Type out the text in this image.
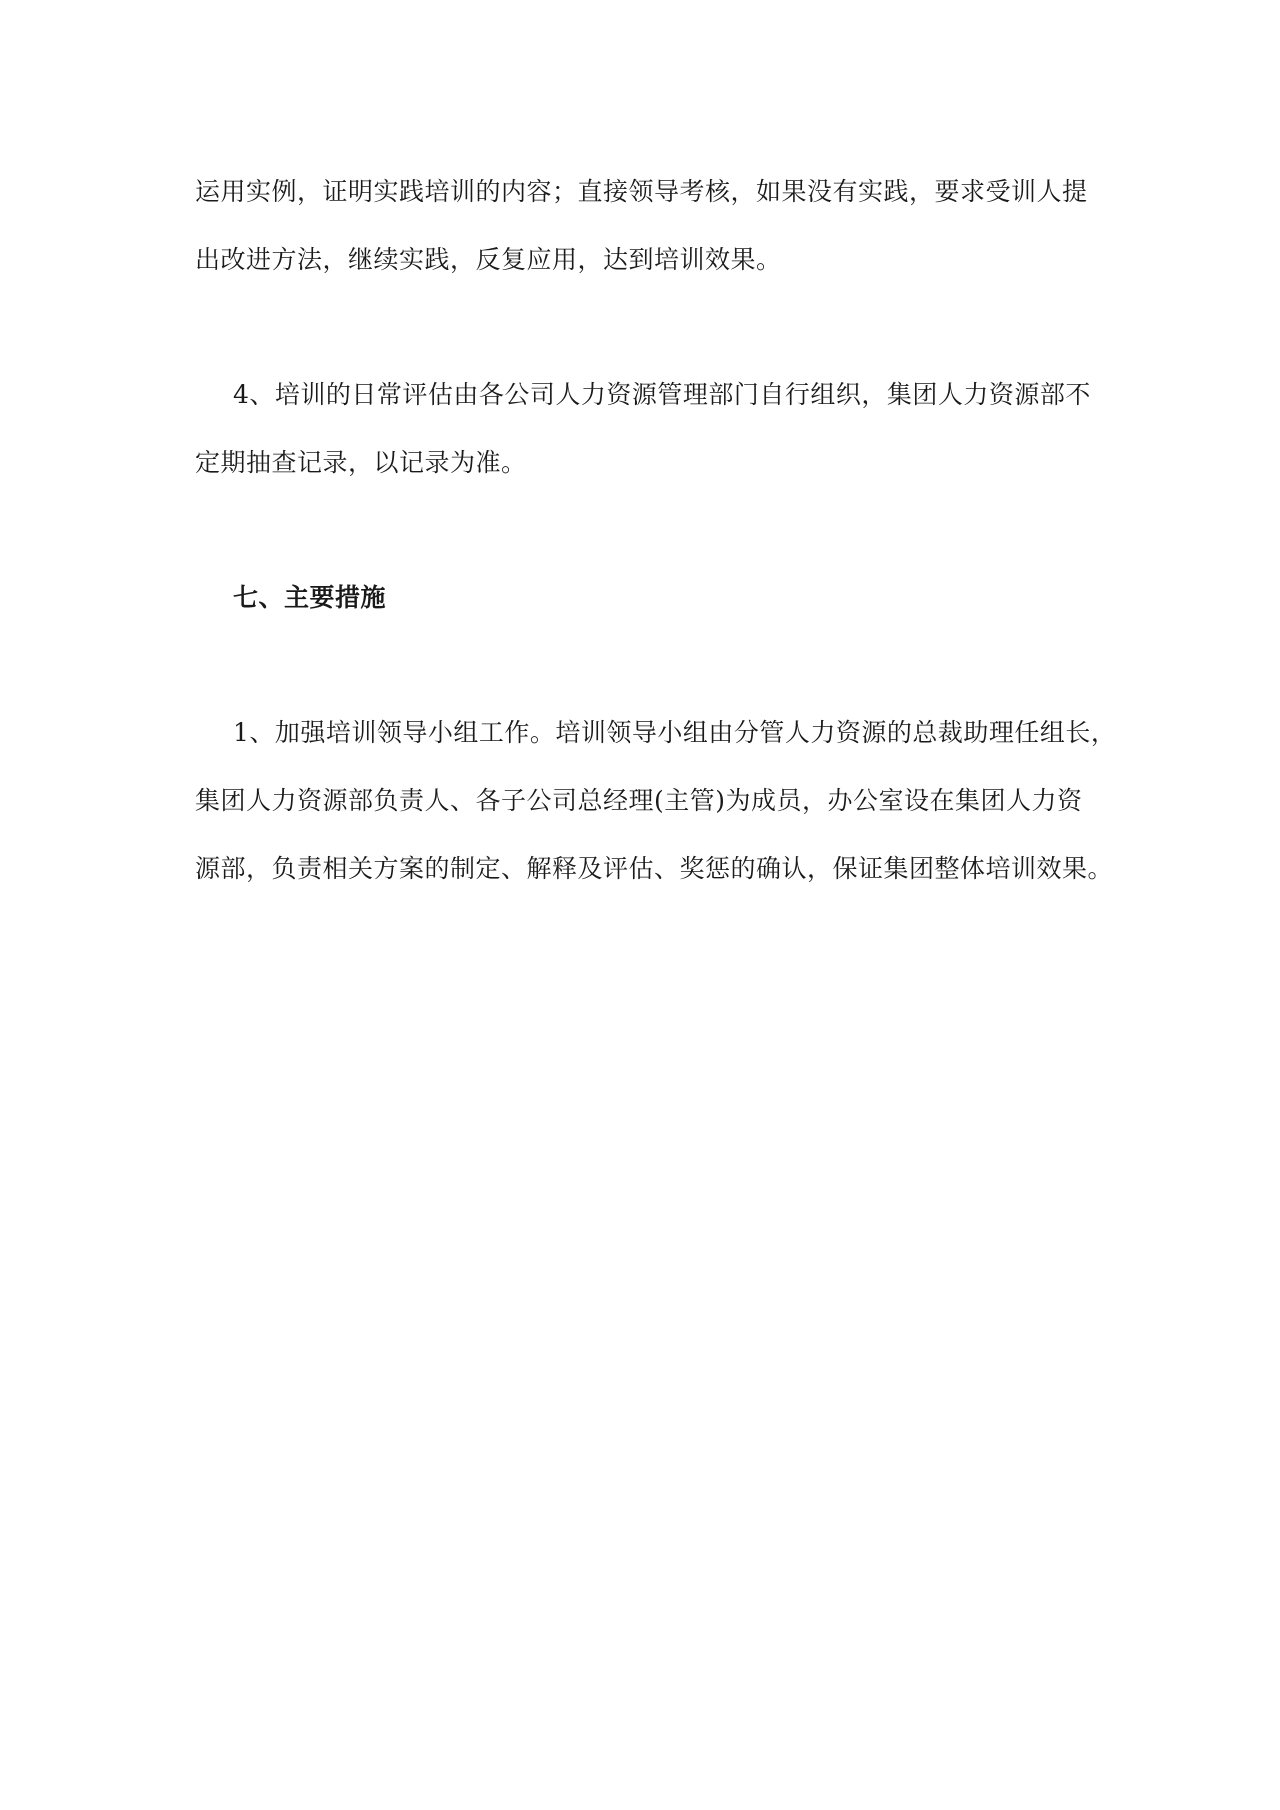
运用实例，证明实践培训的内容；直接领导考核，如果没有实践，要求受训人提
出改进方法，继续实践，反复应用，达到培训效果。
4、培训的日常评估由各公司人力资源管理部门自行组织，集团人力资源部不
定期抽查记录，以记录为准。
七、主要措施
1、加强培训领导小组工作。培训领导小组由分管人力资源的总裁助理任组长，
集团人力资源部负责人、各子公司总经理(主管)为成员，办公室设在集团人力资
源部，负责相关方案的制定、解释及评估、奖惩的确认，保证集团整体培训效果。
